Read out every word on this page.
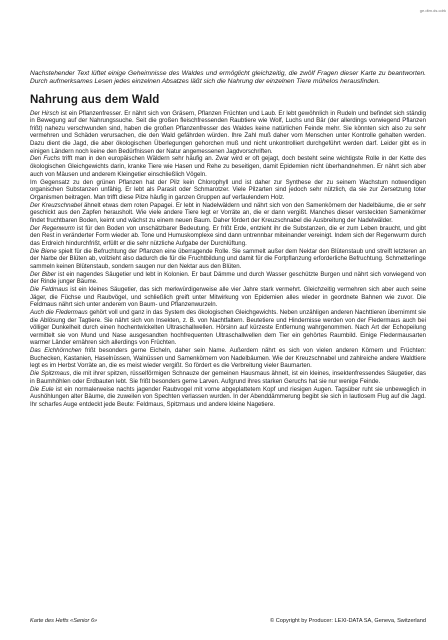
ge.dtm.ds.cdrk

Nachstehender Text lüftet einige Geheimnisse des Waldes und ermöglicht gleichzeitig, die zwölf Fragen dieser Karte zu beantworten. Durch aufmerksames Lesen jedes einzelnen Absatzes läßt sich die Nahrung der einzelnen Tiere müheIos herausfinden.

Nahrung aus dem Wald

Der Hirsch ist ein Pflanzenfresser. Er nährt sich von Gräsern, Pflanzen Früchten und Laub. Er lebt gewöhnlich in Rudeln und befindet sich ständig in Bewegung auf der Nahrungssuche. Seit die großen fleischfressenden Raubtiere wie Wolf, Luchs und Bär (der allerdings vorwiegend Pflanzen frißt) nahezu verschwunden sind, haben die großen Pflanzenfresser des Waldes keine natürlichen Feinde mehr. Sie könnten sich also zu sehr vermehren und Schäden verursachen, die den Wald gefährden würden. Ihre Zahl muß daher vom Menschen unter Kontrolle gehalten werden. Dazu dient die Jagd, die aber ökologischen Überlegungen gehorchen muß und nicht unkontrolliert durchgeführt werden darf. Leider gibt es in einigen Ländern noch keine den Bedürfnissen der Natur angemessenen Jagdvorschriften.

Den Fuchs trifft man in den europäischen Wäldern sehr häufig an. Zwar wird er oft gejagt, doch besteht seine wichtigste Rolle in der Kette des ökologischen Gleichgewichts darin, kranke Tiere wie Hasen und Rehe zu beseitigen, damit Epidemien nicht überhandnehmen. Er nährt sich aber auch von Mäusen und anderem Kleingetier einschließlich Vögeln.

Im Gegensatz zu den grünen Pflanzen hat der Pilz kein Chlorophyll und ist daher zur Synthese der zu seinem Wachstum notwendigen organischen Substanzen unfähig. Er lebt als Parasit oder Schmarotzer. Viele Pilzarten sind jedoch sehr nützlich, da sie zur Zersetzung toter Organismen beitragen. Man trifft diese Pilze häufig in ganzen Gruppen auf verfaulendem Holz.

Der Kreuzschnabel ähnelt etwas dem roten Papagei. Er lebt in Nadelwäldern und nährt sich von den Samenkörnern der Nadelbäume, die er sehr geschickt aus den Zapfen herausholt. Wie viele andere Tiere legt er Vorräte an, die er dann vergißt. Manches dieser versteckten Samenkörner findet fruchtbaren Boden, keimt und wächst zu einem neuen Baum. Daher fördert der Kreuzschnabel die Ausbreitung der Nadelwälder.

Der Regenwurm ist für den Boden von unschätzbarer Bedeutung. Er frißt Erde, entzieht ihr die Substanzen, die er zum Leben braucht, und gibt den Rest in veränderter Form wieder ab. Tone und Humuskomplexe sind dann untrennbar miteinander vereinigt. Indem sich der Regenwurm durch das Erdreich hindurchfrißt, erfüllt er die sehr nützliche Aufgabe der Durchlüftung.

Die Biene spielt für die Befruchtung der Pflanzen eine überragende Rolle. Sie sammelt außer dem Nektar den Blütenstaub und streift letzteren an der Narbe der Blüten ab, vollzieht also dadurch die für die Fruchtbildung und damit für die Fortpflanzung erforderliche Befruchtung. Schmetterlinge sammeln keinen Blütenstaub, sondern saugen nur den Nektar aus den Blüten.

Der Biber ist ein nagendes Säugetier und lebt in Kolonien. Er baut Dämme und durch Wasser geschützte Burgen und nährt sich vorwiegend von der Rinde junger Bäume.

Die Feldmaus ist ein kleines Säugetier, das sich merkwürdigerweise alle vier Jahre stark vermehrt. Gleichzeitig vermehren sich aber auch seine Jäger, die Füchse und Raubvögel, und schließlich greift unter Mitwirkung von Epidemien alles wieder in geordnete Bahnen wie zuvor. Die Feldmaus nährt sich unter anderem von Baum- und Pflanzenwurzeln.

Auch die Fledermaus gehört voll und ganz in das System des ökologischen Gleichgewichts. Neben unzähligen anderen Nachttieren übernimmt sie die Ablösung der Tagtiere. Sie nährt sich von Insekten, z. B. von Nachtfaltern. Beutetiere und Hindernisse werden von der Fledermaus auch bei völliger Dunkelheit durch einen hochentwickelten Ultraschallwellen. Hörsinn auf kürzeste Entfernung wahrgenommen. Nach Art der Echopeilung vermittelt sie von Mund und Nase ausgesandten hochfrequenten Ultraschallwellen dem Tier ein gehörtes Raumbild. Einige Fledermausarten warmer Länder ernähren sich allerdings von Früchten.

Das Eichhörnchen frißt besonders gerne Eicheln, daher sein Name. Außerdem nährt es sich von vielen anderen Körnern und Früchten: Buchecken, Kastanien, Haselnüssen, Walnüssen und Samenkörnern von Nadelbäumen. Wie der Kreuzschnabel und zahlreiche andere Waldtiere legt es im Herbst Vorräte an, die es meist wieder vergißt. So fördert es die Verbreitung vieler Baumarten.

Die Spitzmaus, die mit ihrer spitzen, rüsselförmigen Schnauze der gemeinen Hausmaus ähnelt, ist ein kleines, insektenfressendes Säugetier, das in Baumhöhlen oder Erdbauten lebt. Sie frißt besonders gerne Larven. Aufgrund ihres starken Geruchs hat sie nur wenige Feinde.

Die Eule ist ein normalerweise nachts jagender Raubvogel mit vorne abgeplattetem Kopf und riesigen Augen. Tagsüber ruht sie unbeweglich in Aushöhlungen alter Bäume, die zuweilen von Spechten verlassen wurden. In der Abenddämmerung begibt sie sich in lautlosem Flug auf die Jagd. Ihr scharfes Auge entdeckt jede Beute: Feldmaus, Spitzmaus und andere kleine Nagetiere.

Karte des Hefts «Senior 6»	© Copyright by Producer: LEXI-DATA SA, Geneva, Switzerland
